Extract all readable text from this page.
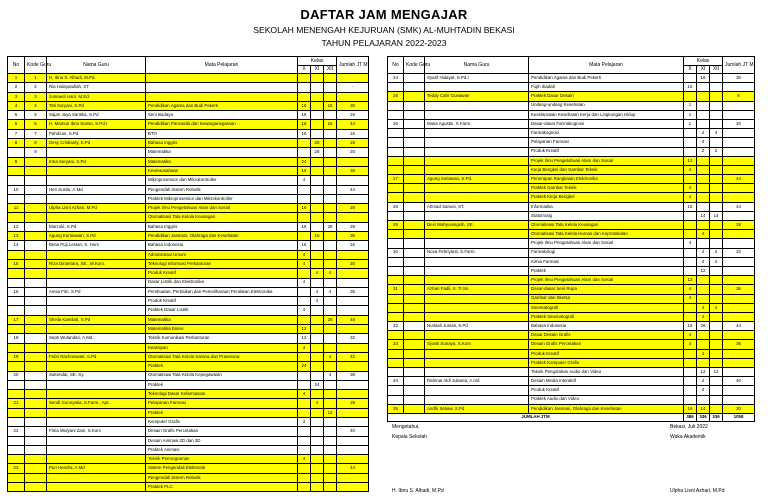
DAFTAR JAM MENGAJAR
SEKOLAH MENENGAH KEJURUAN (SMK) AL-MUHTADIN BEKASI
TAHUN PELAJARAN 2022-2023
No	Kode Guru	Nama Guru	Mata Pelajaran	Kelas			Jumlah JT M
				X	XI	XII	
1	1	H. Ibnu S. Alhadi, M.Pd.					
2	2	Ria Hidayatullah, ST					-
3	3	Jumaedi Harir, M.Ed.					
4	4	Tati Suryani, S.Pd	Pendidikan Agama dan Budi Pekerti	16		16	30
5	5	Sajan Jaya Santika, S.Pd	Seni Budaya	16			16
6	6	H. Mamun Ibnu Sunse, S.Pd.I	Pendidikan Pancasila dan Kewarganegaraan	16		16	44
7	7	Pahdzan, S.Pd	BTO	16			16
8	8	Desy Cristianty, S.Pd	Bahasa Inggris		28		28
	9		Matematika		28		20
9		Irma Suryani, S.Pd	Matematika	24			
			Kewirausahaan	16			38
			Mikroprosessor dan Mikrokontroller	4			
10		Heri Susilo, A.Md	Pengendali Sistem Robotik				44
			Praktek Mikroprosessor dan Mikrokontroller				
11		Ulpha Lisni Azhari, M.Pd	Projek Ilmu Pengetahuan Alam dan Sosial	16			28
			Otomatisasi Tata Kelola Keuangan				
12		Marzuki, S.Pd	Bahasa Inggris	16		28	28
13		Agung Kurniawan, S.Pd	Pendidikan Jasmani, Olahraga dan Kesehatan		16		36
14		Betia Puji Lestari, S. Hum	Bahasa Indonesia	16			16
			Administrasi Umum	4			
15		Riza Dinantara, SE., M.Kom.	Teknologi Informasi Perkantoran	4			20
			Produk Kreatif		4	4	
			Dasar Listrik dan Elektronika	4			
16		Anisa Fitri, S.Pd	Pembuatan, Perbaikan dan Pemeliharaan Peralatan Elektronika		4	4	36
			Produk Kreatif		4		
			Praktek Dasar Listrik	4			
17		Sheila Kamilah, S.Pd	Matematika			28	48
			Matematika Bisnis	12			
18		Septi Wulandari, A.Md.	Teknik Komunikasi Perkantoran	12			32
			Kearsipan	4			
19		Febri Rachmawati, S.Pd	Otomatisasi Tata Kelola Sarana dan Prasarana			4	42
			Praktek	24			
20		Sukendar, SE. Sy.	Otomatisasi Tata Kelola Kepegawaian			4	38
			Praktek		24		
			Teknologi Dasar Kefarmasian	4			
21		Sendi Gunnyatia, S.Farm., Apt.	Pelayanan Farmasi		4		28
			Praktek			12	
			Komputer Grafis	4			
22		Fitria Wulyani Zain, S.Kom	Desain Grafis Percetakan				40
			Desain Animasi 2D dan 3D				
			Praktek Animasi				
			Teknik Pemrograman	4			
23		Puri Hendra, A.Md	Sistem Pengendali Elektronik				44
			Pengendali Sistem Robotik				
			Praktek PLC				
No	Kode Guru	Nama Guru	Mata Pelajaran	Kelas			Jumlah JT M
				X	XI	XII	
24		Syarif Hidayat, S.Pd.I	Pendidikan Agama dan Budi Pekerti		16		30
			Fiqih Ibadah	16			
25		Teddy Cahr Gunawan	Praktek Dasar Desain				8
			Undang-undang Kesehatan	1			
			Keselamatan Kesehatan Kerja dan Lingkungan Hidup	1			
26		Mutia Agustin, S.Farm.	Dasar-dasar Farmakognosi	1			20
			Farmakognosi		4	4	
			Pelayanan Farmasi		4		
			Produk Kreatif		2	2	
			Projek Ilmu Pengetahuan Alam dan Sosial	12			
			Kerja Bengkel dan Gambar Teknik	4			
27		Agung Setiawan, S.Pd.	Penerapan Rangkaian Elektronika				44
			Praktek Gambar Teknik	4			
			Praktek Kerja Bengkel	4			
28		Ahmad Sanusi, ST.	Informatika	16			44
			Statomotig		14	14	
29		Desi Wahyuningsih, SE.	Otomatisasi Tata Kelola Keuangan				28
			Otomatisasi Tata Kelola Humas dan Keprotokolan		4		
			Projek Ilmu Pengetahuan Alam dan Sosial	4			
30		Nova Febriyanti, S.Farm.	Farmakologi		4	4	32
			Kimia Farmasi		4	4	
			Praktek		12		
			Projek Ilmu Pengetahuan Alam dan Sosial	12			
31		Azhari Fadli, S. Tr.Sn.	Dasar-dasar Seni Rupa	4			36
			Gambar dan Sketsa	4			
			Sinematografi		4	4	
			Praktek Sinematografi		4		
32		Nurlaeli Juniati, S.Pd	Bahasa Indonesia	16	28		44
			Dasar Desain Grafis	4			
33		Syanti Sunaya, S.Kom	Desain Grafis Percetakan	4			36
			Produk Kreatif		4		
			Praktek Komputer Grafis				
			Teknik Pengolahan Audio dan Video		12	12	
34		Rahmat Aldi Julianta, A.md	Desain Media Interaktif		4		40
			Produk Kreatif		4		
			Praktek Audio dan Video				
35		Andhi Setiaw, S.Pd	Pendidikan Jasmani, Olahraga dan Kesehatan	16	14		30
JUMLAH JTM				386	336	336	1058
Mengetahui,
Kepala Sekolah
H. Ibnu S. Alhadi, M.Pd
Bekasi, Juli 2022
Waka Akademik
Ulpha Lisni Azhari, M.Pd
